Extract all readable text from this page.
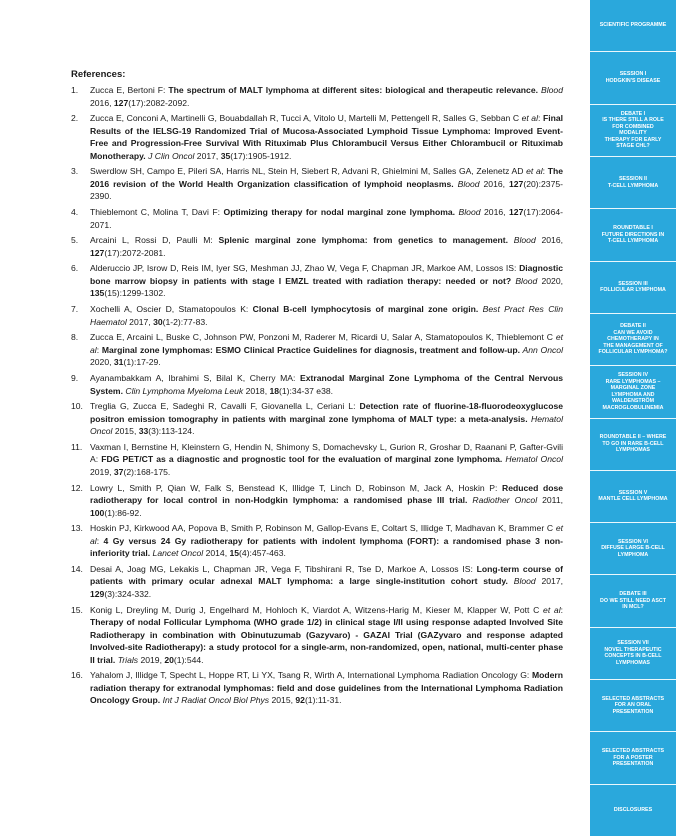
References:
1. Zucca E, Bertoni F: The spectrum of MALT lymphoma at different sites: biological and therapeutic relevance. Blood 2016, 127(17):2082-2092.
2. Zucca E, Conconi A, Martinelli G, Bouabdallah R, Tucci A, Vitolo U, Martelli M, Pettengell R, Salles G, Sebban C et al: Final Results of the IELSG-19 Randomized Trial of Mucosa-Associated Lymphoid Tissue Lymphoma: Improved Event-Free and Progression-Free Survival With Rituximab Plus Chlorambucil Versus Either Chlorambucil or Rituximab Monotherapy. J Clin Oncol 2017, 35(17):1905-1912.
3. Swerdlow SH, Campo E, Pileri SA, Harris NL, Stein H, Siebert R, Advani R, Ghielmini M, Salles GA, Zelenetz AD et al: The 2016 revision of the World Health Organization classification of lymphoid neoplasms. Blood 2016, 127(20):2375-2390.
4. Thieblemont C, Molina T, Davi F: Optimizing therapy for nodal marginal zone lymphoma. Blood 2016, 127(17):2064-2071.
5. Arcaini L, Rossi D, Paulli M: Splenic marginal zone lymphoma: from genetics to management. Blood 2016, 127(17):2072-2081.
6. Alderuccio JP, Isrow D, Reis IM, Iyer SG, Meshman JJ, Zhao W, Vega F, Chapman JR, Markoe AM, Lossos IS: Diagnostic bone marrow biopsy in patients with stage I EMZL treated with radiation therapy: needed or not? Blood 2020, 135(15):1299-1302.
7. Xochelli A, Oscier D, Stamatopoulos K: Clonal B-cell lymphocytosis of marginal zone origin. Best Pract Res Clin Haematol 2017, 30(1-2):77-83.
8. Zucca E, Arcaini L, Buske C, Johnson PW, Ponzoni M, Raderer M, Ricardi U, Salar A, Stamatopoulos K, Thieblemont C et al: Marginal zone lymphomas: ESMO Clinical Practice Guidelines for diagnosis, treatment and follow-up. Ann Oncol 2020, 31(1):17-29.
9. Ayanambakkam A, Ibrahimi S, Bilal K, Cherry MA: Extranodal Marginal Zone Lymphoma of the Central Nervous System. Clin Lymphoma Myeloma Leuk 2018, 18(1):34-37 e38.
10. Treglia G, Zucca E, Sadeghi R, Cavalli F, Giovanella L, Ceriani L: Detection rate of fluorine-18-fluorodeoxyglucose positron emission tomography in patients with marginal zone lymphoma of MALT type: a meta-analysis. Hematol Oncol 2015, 33(3):113-124.
11. Vaxman I, Bernstine H, Kleinstern G, Hendin N, Shimony S, Domachevsky L, Gurion R, Groshar D, Raanani P, Gafter-Gvili A: FDG PET/CT as a diagnostic and prognostic tool for the evaluation of marginal zone lymphoma. Hematol Oncol 2019, 37(2):168-175.
12. Lowry L, Smith P, Qian W, Falk S, Benstead K, Illidge T, Linch D, Robinson M, Jack A, Hoskin P: Reduced dose radiotherapy for local control in non-Hodgkin lymphoma: a randomised phase III trial. Radiother Oncol 2011, 100(1):86-92.
13. Hoskin PJ, Kirkwood AA, Popova B, Smith P, Robinson M, Gallop-Evans E, Coltart S, Illidge T, Madhavan K, Brammer C et al: 4 Gy versus 24 Gy radiotherapy for patients with indolent lymphoma (FORT): a randomised phase 3 non-inferiority trial. Lancet Oncol 2014, 15(4):457-463.
14. Desai A, Joag MG, Lekakis L, Chapman JR, Vega F, Tibshirani R, Tse D, Markoe A, Lossos IS: Long-term course of patients with primary ocular adnexal MALT lymphoma: a large single-institution cohort study. Blood 2017, 129(3):324-332.
15. Konig L, Dreyling M, Durig J, Engelhard M, Hohloch K, Viardot A, Witzens-Harig M, Kieser M, Klapper W, Pott C et al: Therapy of nodal Follicular Lymphoma (WHO grade 1/2) in clinical stage I/II using response adapted Involved Site Radiotherapy in combination with Obinutuzumab (Gazyvaro) - GAZAI Trial (GAZyvaro and response adapted Involved-site Radiotherapy): a study protocol for a single-arm, non-randomized, open, national, multi-center phase II trial. Trials 2019, 20(1):544.
16. Yahalom J, Illidge T, Specht L, Hoppe RT, Li YX, Tsang R, Wirth A, International Lymphoma Radiation Oncology G: Modern radiation therapy for extranodal lymphomas: field and dose guidelines from the International Lymphoma Radiation Oncology Group. Int J Radiat Oncol Biol Phys 2015, 92(1):11-31.
SCIENTIFIC PROGRAMME
SESSION I
HODGKIN'S DISEASE
DEBATE I
IS THERE STILL A ROLE
FOR COMBINED MODALITY
THERAPY FOR EARLY
STAGE CHL?
SESSION II
T-CELL LYMPHOMA
ROUNDTABLE I
FUTURE DIRECTIONS IN
T-CELL LYMPHOMA
SESSION III
FOLLICULAR LYMPHOMA
DEBATE II
CAN WE AVOID
CHEMOTHERAPY IN
THE MANAGEMENT OF
FOLLICULAR LYMPHOMA?
SESSION IV
RARE LYMPHOMAS –
MARGINAL ZONE
LYMPHOMA AND
WALDENSTRÖM
MACROGLOBULINEMIA
ROUNDTABLE II – WHERE
TO GO IN RARE B-CELL
LYMPHOMAS
SESSION V
MANTLE CELL LYMPHOMA
SESSION VI
DIFFUSE LARGE B-CELL
LYMPHOMA
DEBATE III
DO WE STILL NEED ASCT
IN MCL?
SESSION VII
NOVEL THERAPEUTIC
CONCEPTS IN B-CELL
LYMPHOMAS
SELECTED ABSTRACTS
FOR AN ORAL
PRESENTATION
SELECTED ABSTRACTS
FOR A POSTER
PRESENTATION
DISCLOSURES
